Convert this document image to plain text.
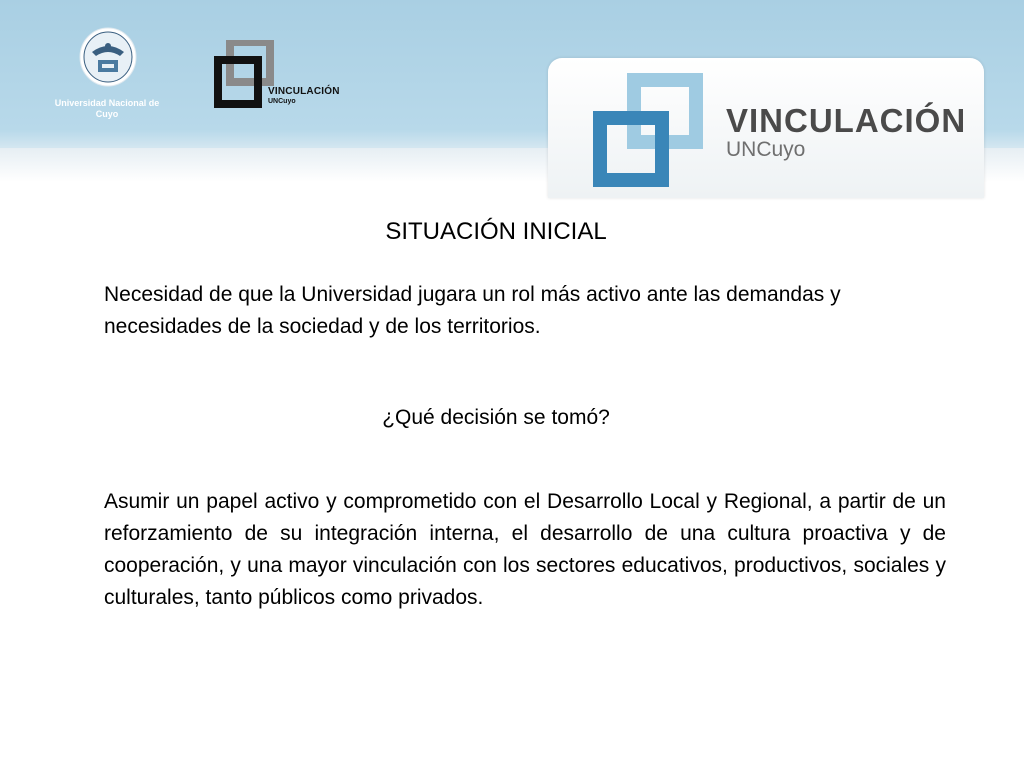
Universidad Nacional de Cuyo
VINCULACIÓN
UNCuyo
VINCULACIÓN
UNCuyo
SITUACIÓN INICIAL
Necesidad de que la Universidad jugara un rol más activo ante las demandas y necesidades de la sociedad y de los territorios.
¿Qué decisión se tomó?
Asumir un papel activo y comprometido con el Desarrollo Local y Regional, a partir de un reforzamiento de su integración interna, el desarrollo de una cultura proactiva y de cooperación, y una mayor vinculación con los sectores educativos, productivos, sociales y culturales, tanto públicos como privados.
